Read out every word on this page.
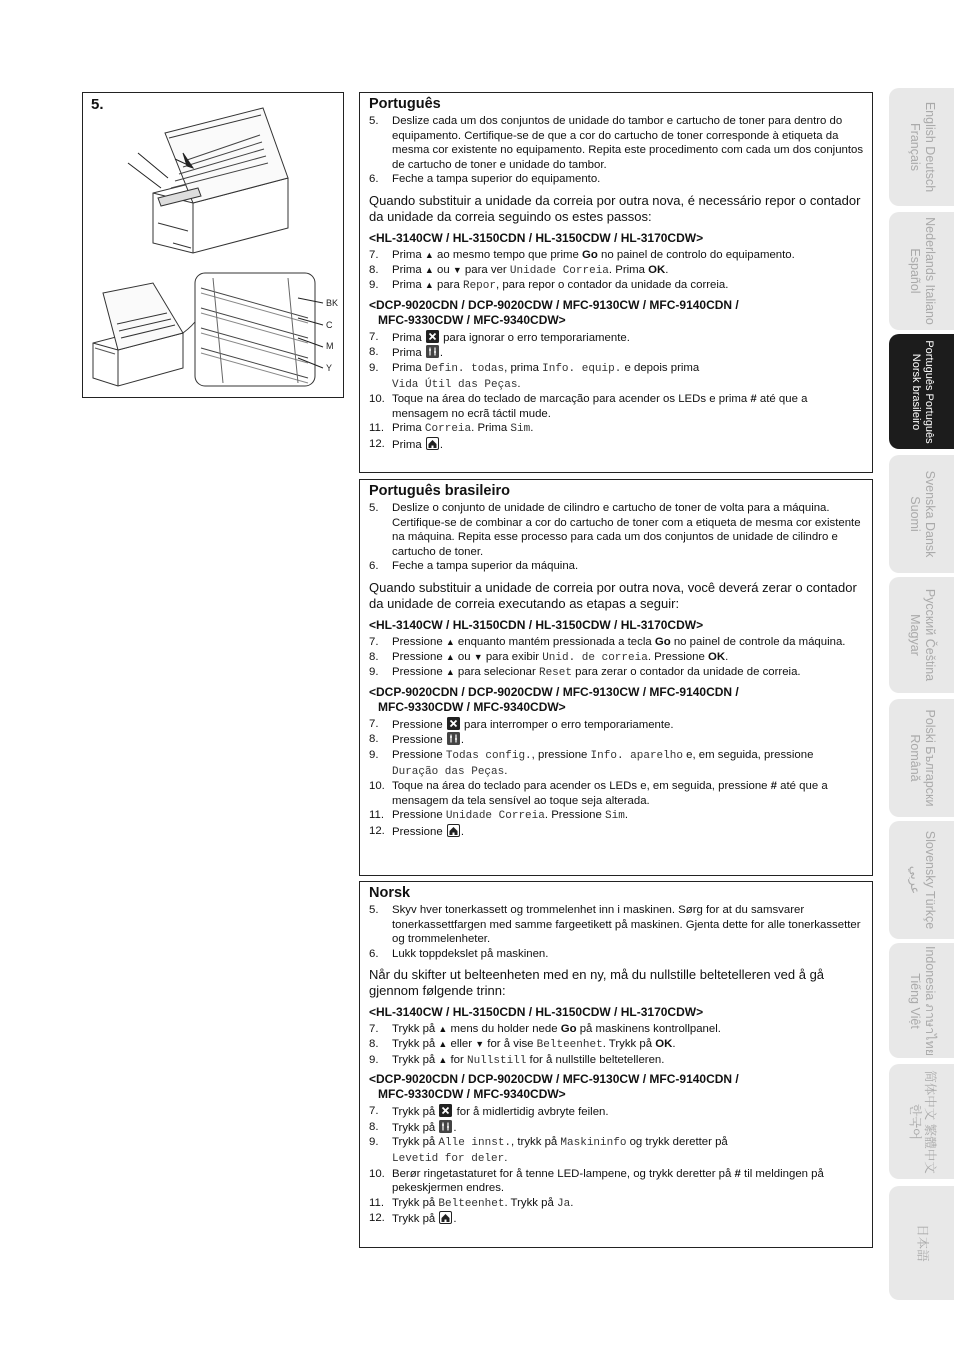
5.
BK
C
M
Y
Português
5.	Deslize cada um dos conjuntos de unidade do tambor e cartucho de toner para dentro do equipamento. Certifique-se de que a cor do cartucho de toner corresponde à etiqueta da mesma cor existente no equipamento. Repita este procedimento com cada um dos conjuntos de cartucho de toner e unidade do tambor.
6.	Feche a tampa superior do equipamento.
Quando substituir a unidade da correia por outra nova, é necessário repor o contador da unidade da correia seguindo os estes passos:
<HL-3140CW / HL-3150CDN / HL-3150CDW / HL-3170CDW>
7.	Prima ▲ ao mesmo tempo que prime Go no painel de controlo do equipamento.
8.	Prima ▲ ou ▼ para ver Unidade Correia. Prima OK.
9.	Prima ▲ para Repor, para repor o contador da unidade da correia.
<DCP-9020CDN / DCP-9020CDW / MFC-9130CW / MFC-9140CDN /
MFC-9330CDW / MFC-9340CDW>
7.	Prima  para ignorar o erro temporariamente.
8.	Prima .
9.	Prima Defin. todas, prima Info. equip. e depois prima
Vida Útil das Peças.
10. Toque na área do teclado de marcação para acender os LEDs e prima # até que a mensagem no ecrã táctil mude.
11. Prima Correia. Prima Sim.
12. Prima .
Português brasileiro
5.	Deslize o conjunto de unidade de cilindro e cartucho de toner de volta para a máquina. Certifique-se de combinar a cor do cartucho de toner com a etiqueta de mesma cor existente na máquina. Repita esse processo para cada um dos conjuntos de unidade de cilindro e cartucho de toner.
6.	Feche a tampa superior da máquina.
Quando substituir a unidade de correia por outra nova, você deverá zerar o contador da unidade de correia executando as etapas a seguir:
<HL-3140CW / HL-3150CDN / HL-3150CDW / HL-3170CDW>
7.	Pressione ▲ enquanto mantém pressionada a tecla Go no painel de controle da máquina.
8.	Pressione ▲ ou ▼ para exibir Unid. de correia. Pressione OK.
9.	Pressione ▲ para selecionar Reset para zerar o contador da unidade de correia.
<DCP-9020CDN / DCP-9020CDW / MFC-9130CW / MFC-9140CDN /
MFC-9330CDW / MFC-9340CDW>
7.	Pressione  para interromper o erro temporariamente.
8.	Pressione .
9.	Pressione Todas config., pressione Info. aparelho e, em seguida, pressione
Duração das Peças.
10. Toque na área do teclado para acender os LEDs e, em seguida, pressione # até que a mensagem da tela sensível ao toque seja alterada.
11. Pressione Unidade Correia. Pressione Sim.
12. Pressione .
Norsk
5.	Skyv hver tonerkassett og trommelenhet inn i maskinen. Sørg for at du samsvarer tonerkassettfargen med samme fargeetikett på maskinen. Gjenta dette for alle tonerkassetter og trommelenheter.
6.	Lukk toppdekslet på maskinen.
Når du skifter ut belteenheten med en ny, må du nullstille beltetelleren ved å gå gjennom følgende trinn:
<HL-3140CW / HL-3150CDN / HL-3150CDW / HL-3170CDW>
7.	Trykk på ▲ mens du holder nede Go på maskinens kontrollpanel.
8.	Trykk på ▲ eller ▼ for å vise Belteenhet. Trykk på OK.
9.	Trykk på ▲ for Nullstill for å nullstille beltetelleren.
<DCP-9020CDN / DCP-9020CDW / MFC-9130CW / MFC-9140CDN /
MFC-9330CDW / MFC-9340CDW>
7.	Trykk på  for å midlertidig avbryte feilen.
8.	Trykk på .
9.	Trykk på Alle innst., trykk på Maskininfo og trykk deretter på
Levetid for deler.
10. Berør ringetastaturet for å tenne LED-lampene, og trykk deretter på # til meldingen på pekeskjermen endres.
11. Trykk på Belteenhet. Trykk på Ja.
12. Trykk på .
English Deutsch
Français
Nederlands Italiano
Español
Português Português
Norsk brasileiro
Svenska Dansk
Suomi
Русский Čeština
Magyar
Polski Български
Română
Slovensky Türkçe
عربي
Indonesia ภาษาไทย
Tiếng Việt
简体中文 繁體中文
한국어
日本語
